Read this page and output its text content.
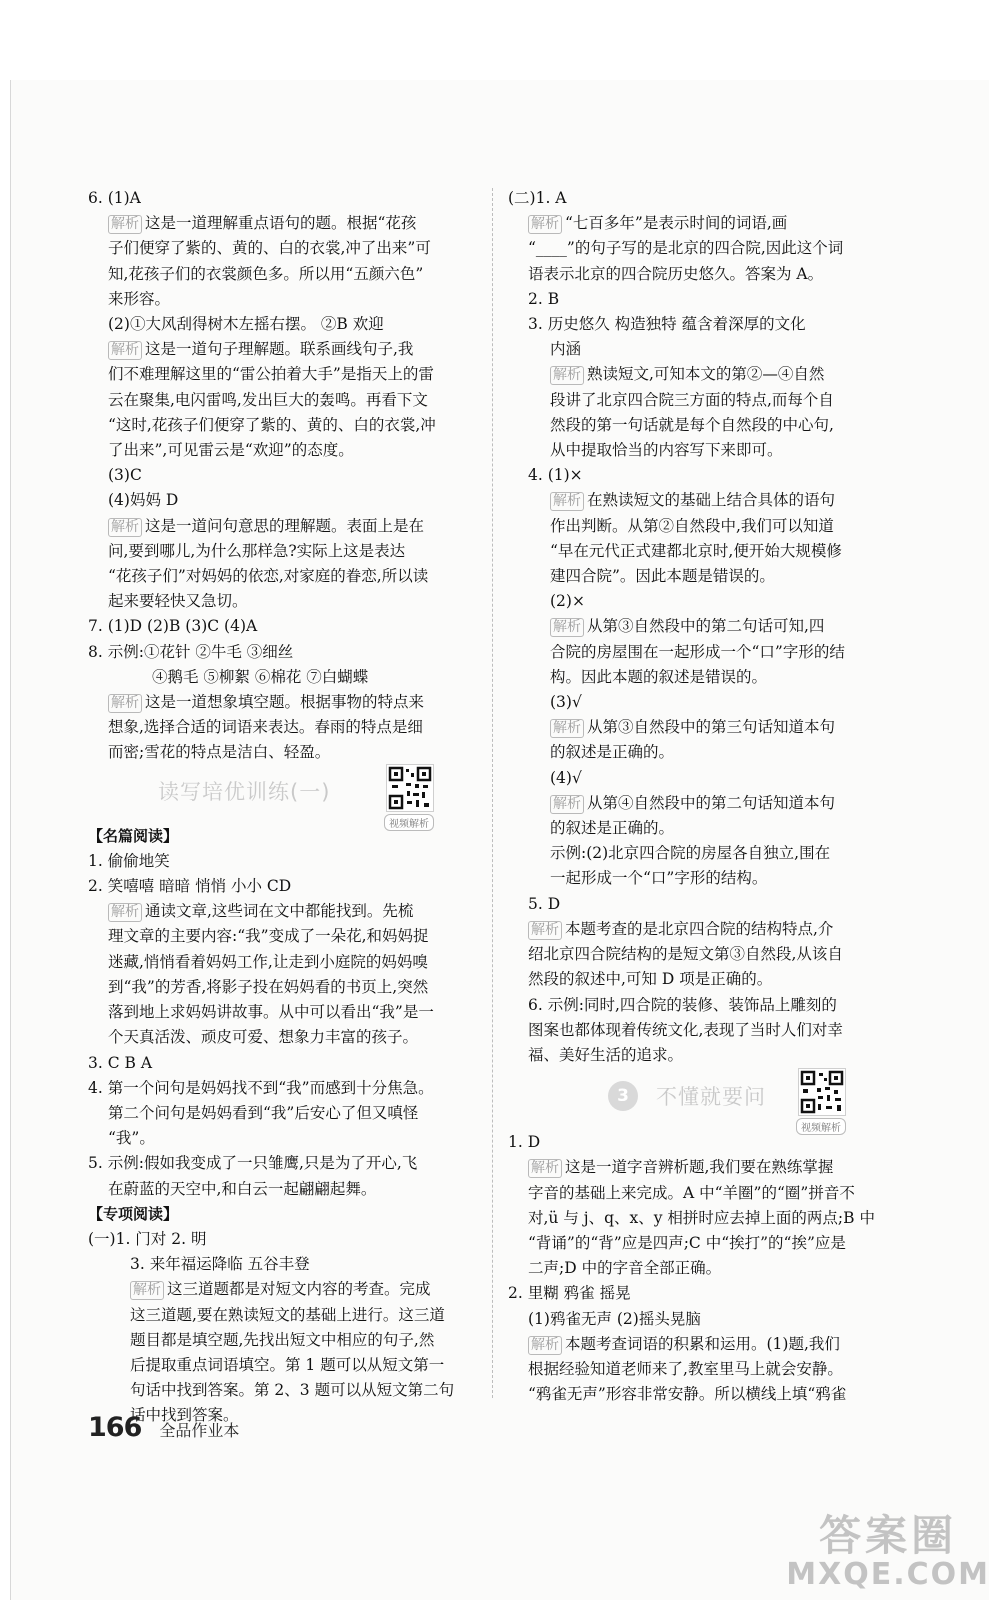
6. (1)A
解析 这是一道理解重点语句的题。根据“花孩
子们便穿了紫的、黄的、白的衣裳,冲了出来”可
知,花孩子们的衣裳颜色多。所以用“五颜六色”
来形容。
(2)①大风刮得树木左摇右摆。 ②B 欢迎
解析 这是一道句子理解题。联系画线句子,我
们不难理解这里的“雷公拍着大手”是指天上的雷
云在聚集,电闪雷鸣,发出巨大的轰鸣。再看下文
“这时,花孩子们便穿了紫的、黄的、白的衣裳,冲
了出来”,可见雷云是“欢迎”的态度。
(3)C
(4)妈妈 D
解析 这是一道问句意思的理解题。表面上是在
问,要到哪儿,为什么那样急?实际上这是表达
“花孩子们”对妈妈的依恋,对家庭的眷恋,所以读
起来要轻快又急切。
7. (1)D (2)B (3)C (4)A
8. 示例:①花针 ②牛毛 ③细丝
④鹅毛 ⑤柳絮 ⑥棉花 ⑦白蝴蝶
解析 这是一道想象填空题。根据事物的特点来
想象,选择合适的词语来表达。春雨的特点是细
而密;雪花的特点是洁白、轻盈。
读写培优训练(一)
视频解析
【名篇阅读】
1. 偷偷地笑
2. 笑嘻嘻 暗暗 悄悄 小小 CD
解析 通读文章,这些词在文中都能找到。先梳
理文章的主要内容:“我”变成了一朵花,和妈妈捉
迷藏,悄悄看着妈妈工作,让走到小庭院的妈妈嗅
到“我”的芳香,将影子投在妈妈看的书页上,突然
落到地上求妈妈讲故事。从中可以看出“我”是一
个天真活泼、顽皮可爱、想象力丰富的孩子。
3. C B A
4. 第一个问句是妈妈找不到“我”而感到十分焦急。
第二个问句是妈妈看到“我”后安心了但又嗔怪
“我”。
5. 示例:假如我变成了一只雏鹰,只是为了开心,飞
在蔚蓝的天空中,和白云一起翩翩起舞。
【专项阅读】
(一)1. 门对 2. 明
3. 来年福运降临 五谷丰登
解析 这三道题都是对短文内容的考查。完成
这三道题,要在熟读短文的基础上进行。这三道
题目都是填空题,先找出短文中相应的句子,然
后提取重点词语填空。第 1 题可以从短文第一
句话中找到答案。第 2、3 题可以从短文第二句
话中找到答案。
(二)1. A
解析 “七百多年”是表示时间的词语,画
“____”的句子写的是北京的四合院,因此这个词
语表示北京的四合院历史悠久。答案为 A。
2. B
3. 历史悠久 构造独特 蕴含着深厚的文化
内涵
解析 熟读短文,可知本文的第②—④自然
段讲了北京四合院三方面的特点,而每个自
然段的第一句话就是每个自然段的中心句,
从中提取恰当的内容写下来即可。
4. (1)×
解析 在熟读短文的基础上结合具体的语句
作出判断。从第②自然段中,我们可以知道
“早在元代正式建都北京时,便开始大规模修
建四合院”。因此本题是错误的。
(2)×
解析 从第③自然段中的第二句话可知,四
合院的房屋围在一起形成一个“口”字形的结
构。因此本题的叙述是错误的。
(3)√
解析 从第③自然段中的第三句话知道本句
的叙述是正确的。
(4)√
解析 从第④自然段中的第二句话知道本句
的叙述是正确的。
示例:(2)北京四合院的房屋各自独立,围在
一起形成一个“口”字形的结构。
5. D
解析 本题考查的是北京四合院的结构特点,介
绍北京四合院结构的是短文第③自然段,从该自
然段的叙述中,可知 D 项是正确的。
6. 示例:同时,四合院的装修、装饰品上雕刻的
图案也都体现着传统文化,表现了当时人们对幸
福、美好生活的追求。
3	不懂就要问
视频解析
1. D
解析 这是一道字音辨析题,我们要在熟练掌握
字音的基础上来完成。A 中“羊圈”的“圈”拼音不
对,ü 与 j、q、x、y 相拼时应去掉上面的两点;B 中
“背诵”的“背”应是四声;C 中“挨打”的“挨”应是
二声;D 中的字音全部正确。
2. 里糊 鸦雀 摇晃
(1)鸦雀无声 (2)摇头晃脑
解析 本题考查词语的积累和运用。(1)题,我们
根据经验知道老师来了,教室里马上就会安静。
“鸦雀无声”形容非常安静。所以横线上填“鸦雀
166 全品作业本
答案圈
MXQE.COM
